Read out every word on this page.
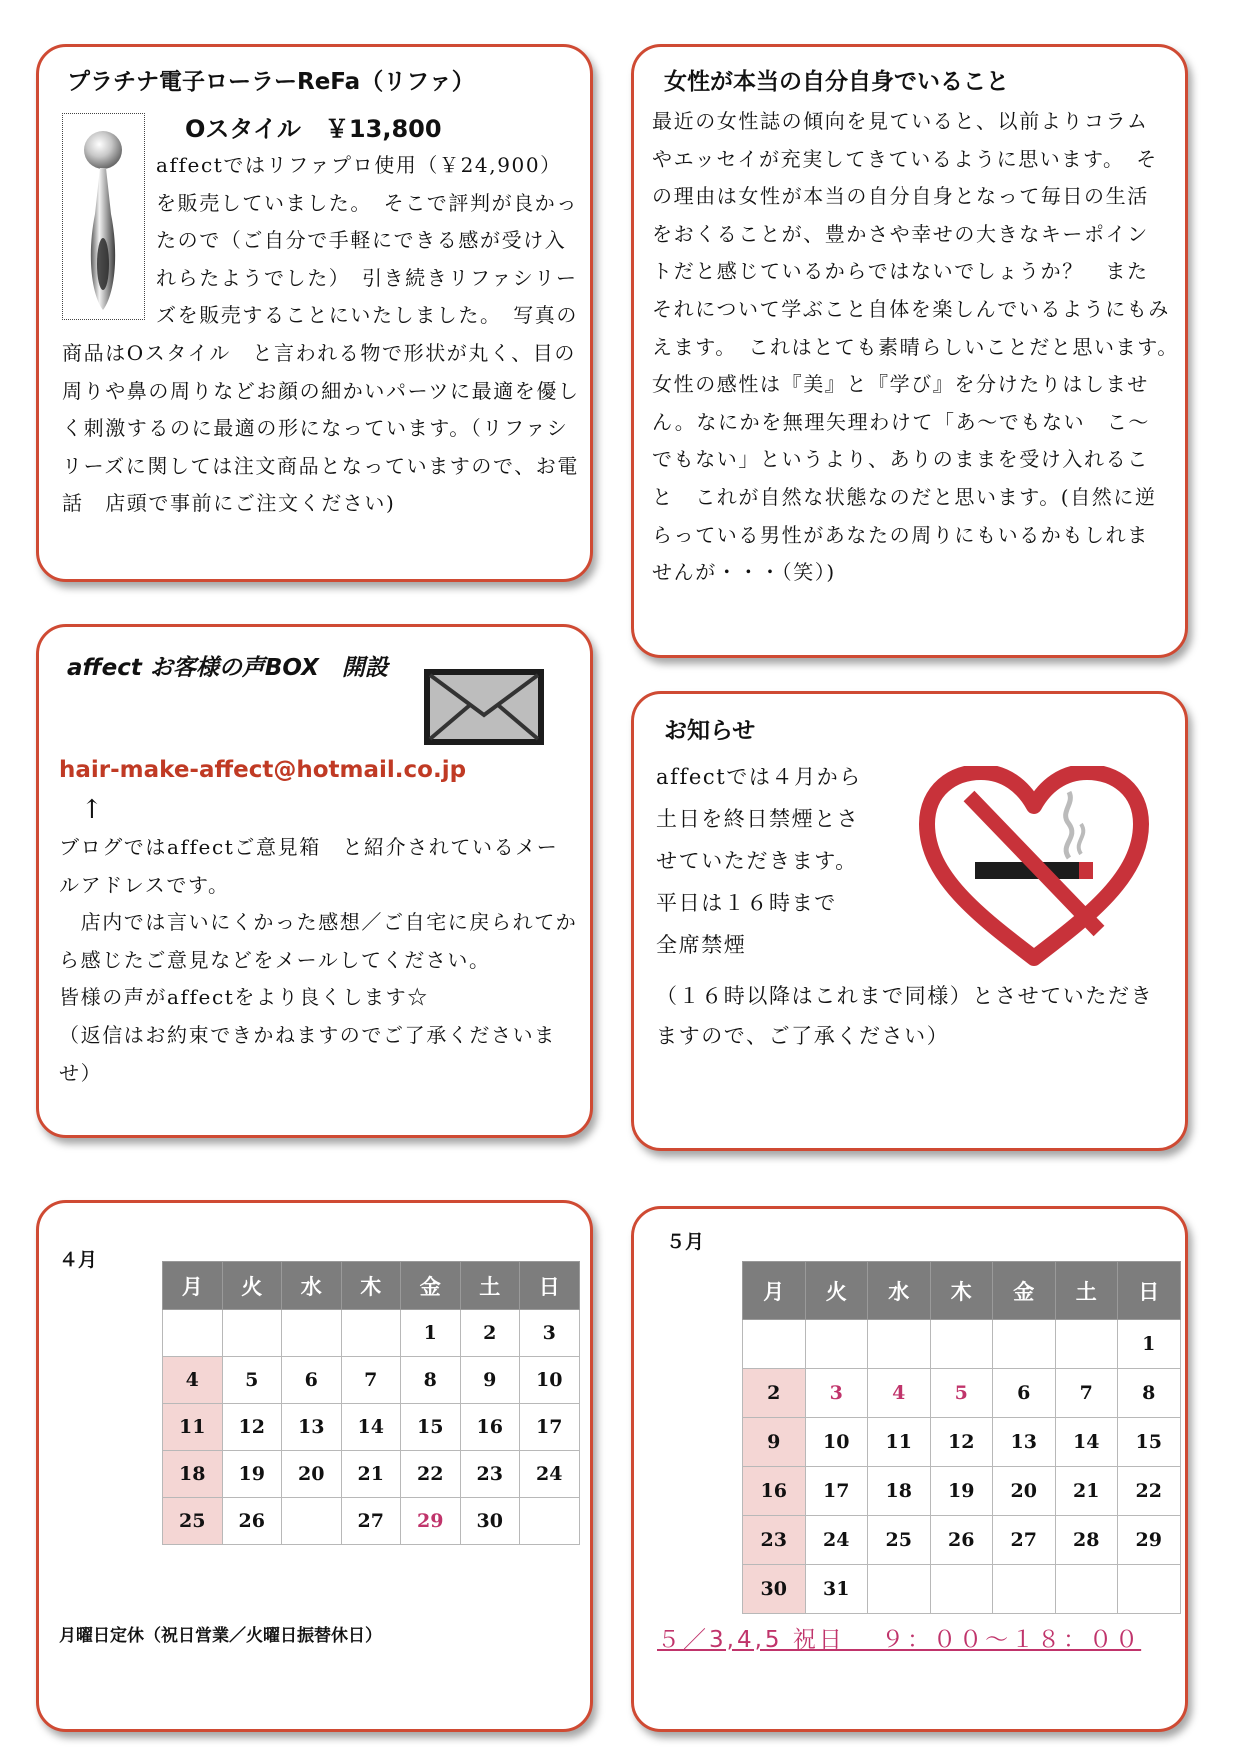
プラチナ電子ローラーReFa（リファ）
Oスタイル　￥13,800

affectではリファプロ使用（￥24,900）を販売していました。　そこで評判が良かったので（ご自分で手軽にできる感が受け入れらたようでした）　引き続きリファシリーズを販売することにいたしました。　写真の商品はOスタイル　と言われる物で形状が丸く、目の周りや鼻の周りなどお顔の細かいパーツに最適を優しく刺激するのに最適の形になっています。（リファシリーズに関しては注文商品となっていますので、お電話　店頭で事前にご注文ください)

女性が本当の自分自身でいること
最近の女性誌の傾向を見ていると、以前よりコラムやエッセイが充実してきているように思います。　その理由は女性が本当の自分自身となって毎日の生活をおくることが、豊かさや幸せの大きなキーポイントだと感じているからではないでしょうか？　またそれについて学ぶこと自体を楽しんでいるようにもみえます。　これはとても素晴らしいことだと思います。　女性の感性は『美』と『学び』を分けたりはしません。なにかを無理矢理わけて「あ〜でもない　こ〜でもない」というより、ありのままを受け入れること　これが自然な状態なのだと思います。(自然に逆らっている男性があなたの周りにもいるかもしれませんが・・・（笑）)
affect お客様の声BOX　開設
hair-make-affect@hotmail.co.jp
↑

ブログではaffectご意見箱　と紹介されているメールアドレスです。

　店内では言いにくかった感想／ご自宅に戻られてから感じたご意見などをメールしてください。

皆様の声がaffectをより良くします☆

（返信はお約束できかねますのでご了承くださいませ）

お知らせ
affectでは４月から
土日を終日禁煙とさ
せていただきます。
平日は１６時まで
全席禁煙
（１６時以降はこれまで同様）とさせていただきますので、ご了承ください）
４月
月	火	水	木	金	土	日
				1	2	3
4	5	6	7	8	9	10
11	12	13	14	15	16	17
18	19	20	21	22	23	24
25	26		27	29	30	
月曜日定休（祝日営業／火曜日振替休日）
５月
月	火	水	木	金	土	日
						1
2	3	4	5	6	7	8
9	10	11	12	13	14	15
16	17	18	19	20	21	22
23	24	25	26	27	28	29
30	31					
５／3,4,5 祝日　 ９：００〜１８：００
